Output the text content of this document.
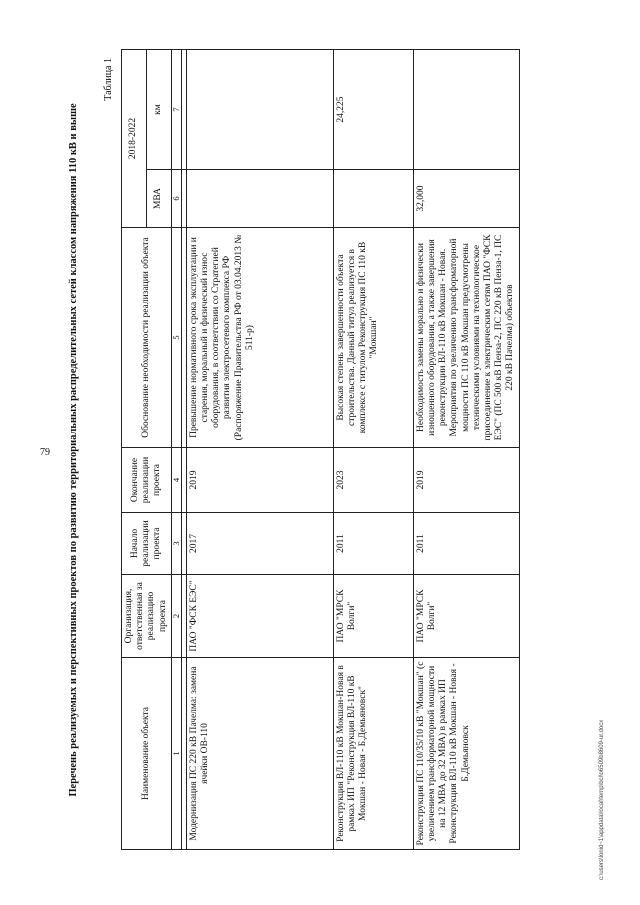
79 Перечень реализуемых и перспективных проектов по развитию территориальных распределительных сетей классом напряжения 110 кВ и выше
Таблица 1
Наименование объекта	Организация, ответственная за реализацию проекта	Начало реализации проекта	Окончание реализации проекта	Обоснование необходимости реализации объекта	2018-2022	
					МВА	км
1	2	3	4	5	6	7

Модернизация ПС 220 кВ Пачелма: замена ячейки ОВ-110	ПАО "ФСК ЕЭС"	2017	2019	Превышение нормативного срока эксплуатации и старения, моральный и физический износ оборудования, в соответствии со Стратегией развития электросетевого комплекса РФ (Распоряжение Правительства РФ от 03.04.2013 № 511-р)		
Реконструкция ВЛ-110 кВ Мокшан-Новая в рамках ИП "Реконструкция ВЛ-110 кВ Мокшан - Новая - Б.Демьяновск"	ПАО "МРСК Волги"	2011	2023	Высокая степень завершенности объекта строительства. Данный титул реализуется в комплексе с титулом Реконструкция ПС 110 кВ "Мокшан"		24,225
Реконструкция ПС 110/35/10 кВ "Мокшан" (с увеличением трансформаторной мощности на 12 МВА до 32 МВА) в рамках ИП Реконструкция ВЛ-110 кВ Мокшан - Новая - Б.Демьяновск	ПАО "МРСК Волги"	2011	2019	Необходимость замены морально и физически изношенного оборудования, а также завершения реконструкции ВЛ-110 кВ Мокшан - Новая. Мероприятия по увеличению трансформаторной мощности ПС 110 кВ Мокшан предусмотрены техническими условиями на технологическое присоединение к электрическим сетям ПАО "ФСК ЕЭС" (ПС 500 кВ Пенза-2, ПС 220 кВ Пенза-1, ПС 220 кВ Пачелма) объектов	32,000	
c:\users\lonid~1\appdata\local\temp\bcl\o6509b8609-ur.docx
